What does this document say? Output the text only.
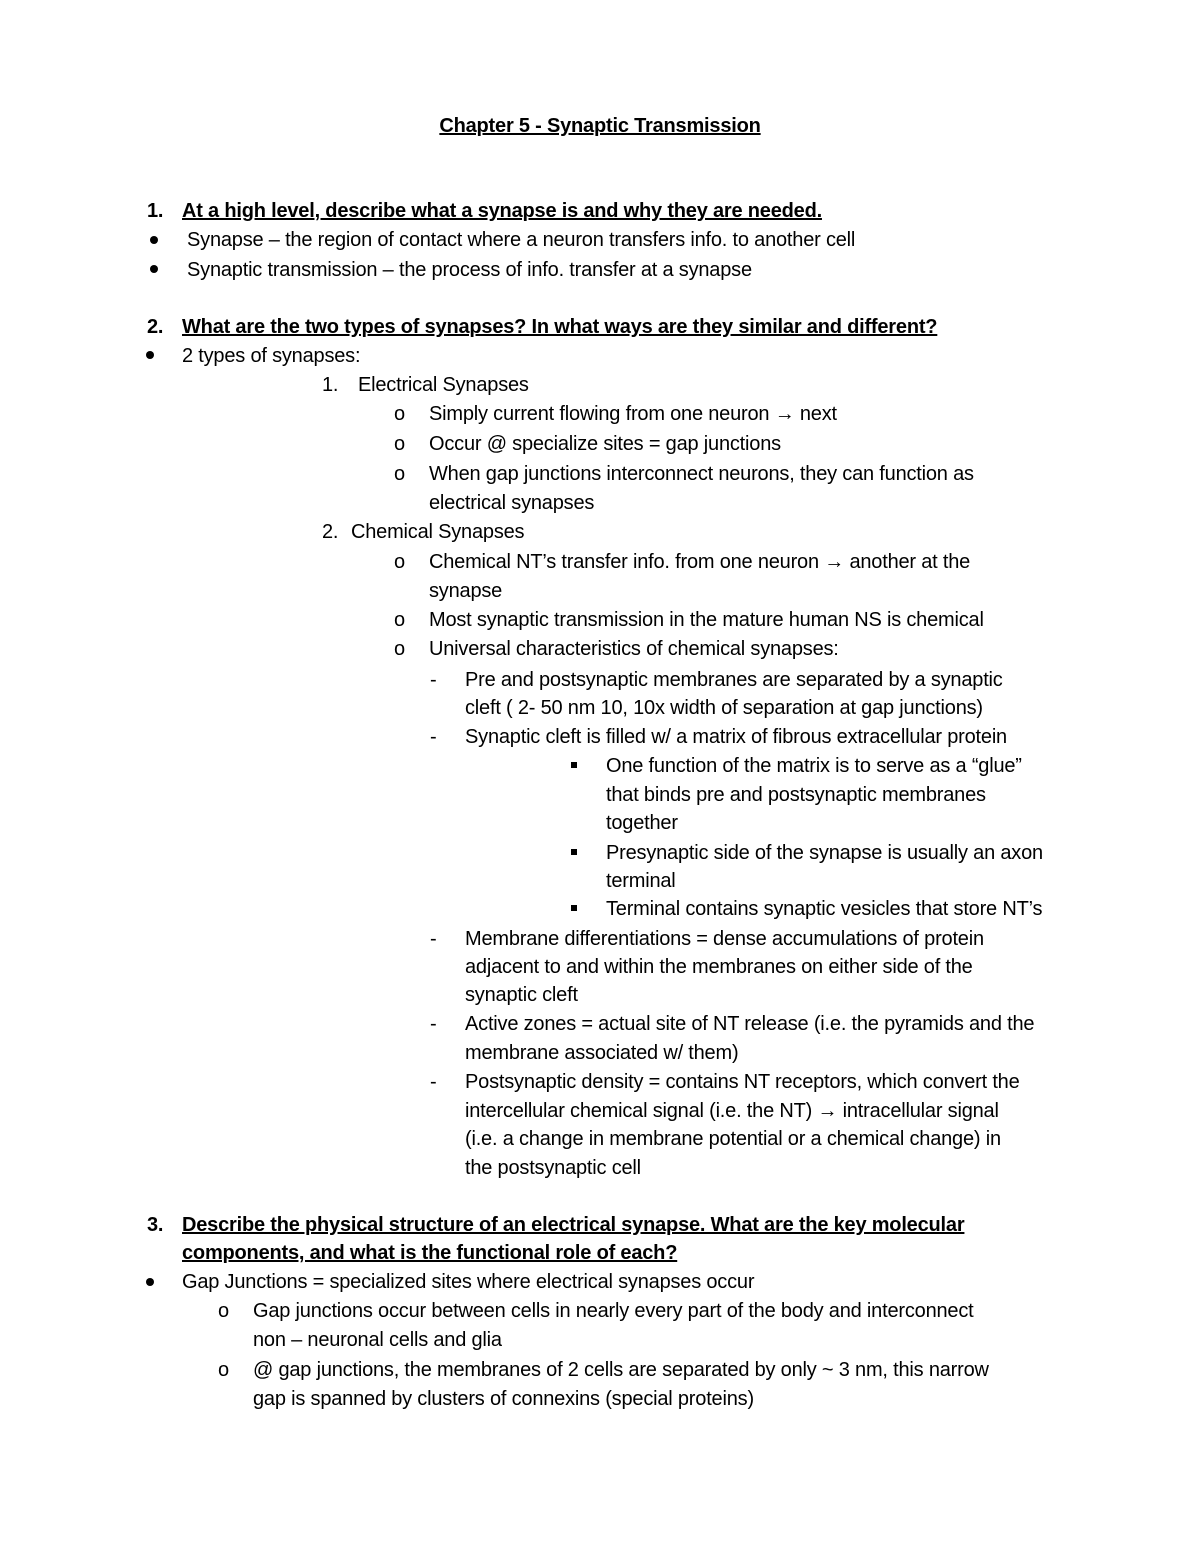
Chapter 5 - Synaptic Transmission
1. At a high level, describe what a synapse is and why they are needed.
Synapse – the region of contact where a neuron transfers info. to another cell
Synaptic transmission – the process of info. transfer at a synapse
2. What are the two types of synapses? In what ways are they similar and different?
2 types of synapses:
1. Electrical Synapses
o Simply current flowing from one neuron → next
o Occur @ specialize sites = gap junctions
o When gap junctions interconnect neurons, they can function as
electrical synapses
2. Chemical Synapses
o Chemical NT’s transfer info. from one neuron → another at the
synapse
o Most synaptic transmission in the mature human NS is chemical
o Universal characteristics of chemical synapses:
- Pre and postsynaptic membranes are separated by a synaptic
cleft ( 2- 50 nm 10, 10x width of separation at gap junctions)
- Synaptic cleft is filled w/ a matrix of fibrous extracellular protein
One function of the matrix is to serve as a “glue”
that binds pre and postsynaptic membranes
together
Presynaptic side of the synapse is usually an axon
terminal
Terminal contains synaptic vesicles that store NT’s
- Membrane differentiations = dense accumulations of protein
adjacent to and within the membranes on either side of the
synaptic cleft
- Active zones = actual site of NT release (i.e. the pyramids and the
membrane associated w/ them)
- Postsynaptic density = contains NT receptors, which convert the
intercellular chemical signal (i.e. the NT) → intracellular signal
(i.e. a change in membrane potential or a chemical change) in
the postsynaptic cell
3. Describe the physical structure of an electrical synapse. What are the key molecular
components, and what is the functional role of each?
Gap Junctions = specialized sites where electrical synapses occur
o Gap junctions occur between cells in nearly every part of the body and interconnect
non – neuronal cells and glia
o @ gap junctions, the membranes of 2 cells are separated by only ~ 3 nm, this narrow
gap is spanned by clusters of connexins (special proteins)
